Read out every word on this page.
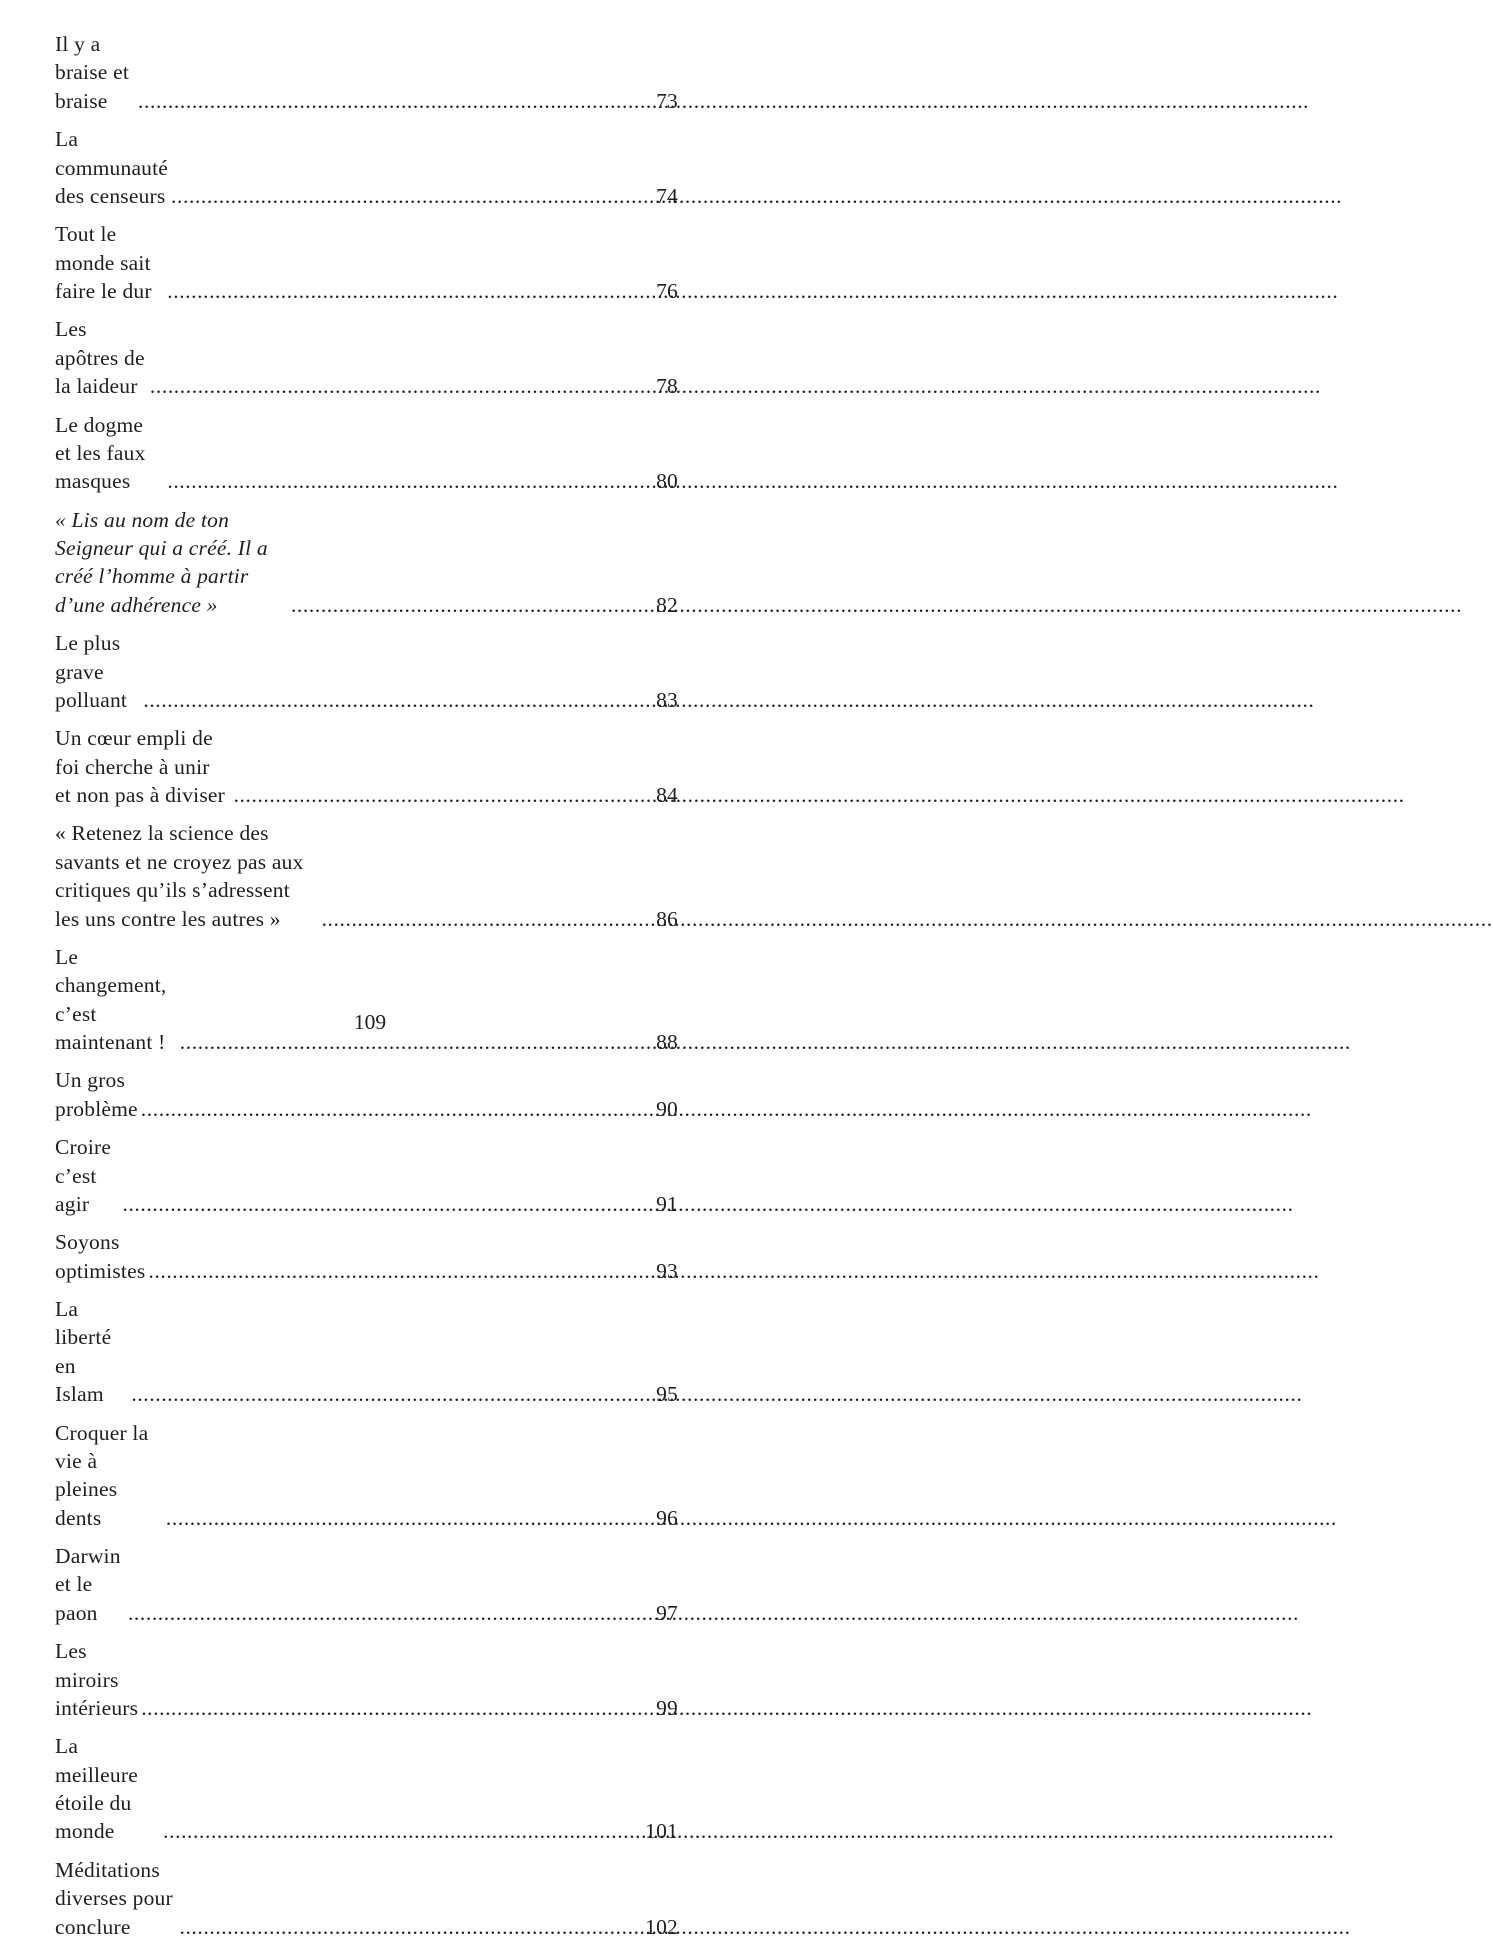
Il y a braise et braise .....	73
La communauté des censeurs .....	74
Tout le monde sait faire le dur .....	76
Les apôtres de la laideur .....	78
Le dogme et les faux masques .....	80
« Lis au nom de ton Seigneur qui a créé. Il a créé l’homme à partir d’une adhérence » .....	82
Le plus grave polluant .....	83
Un cœur empli de foi cherche à unir et non pas à diviser .....	84
« Retenez la science des savants et ne croyez pas aux critiques qu’ils s’adressent les uns contre les autres » .....	86
Le changement, c’est maintenant ! .....	88
Un gros problème .....	90
Croire c’est agir .....	91
Soyons optimistes .....	93
La liberté en Islam .....	95
Croquer la vie à pleines dents .....	96
Darwin et le paon .....	97
Les miroirs intérieurs .....	99
La meilleure étoile du monde .....	101
Méditations diverses pour conclure .....	102
109
